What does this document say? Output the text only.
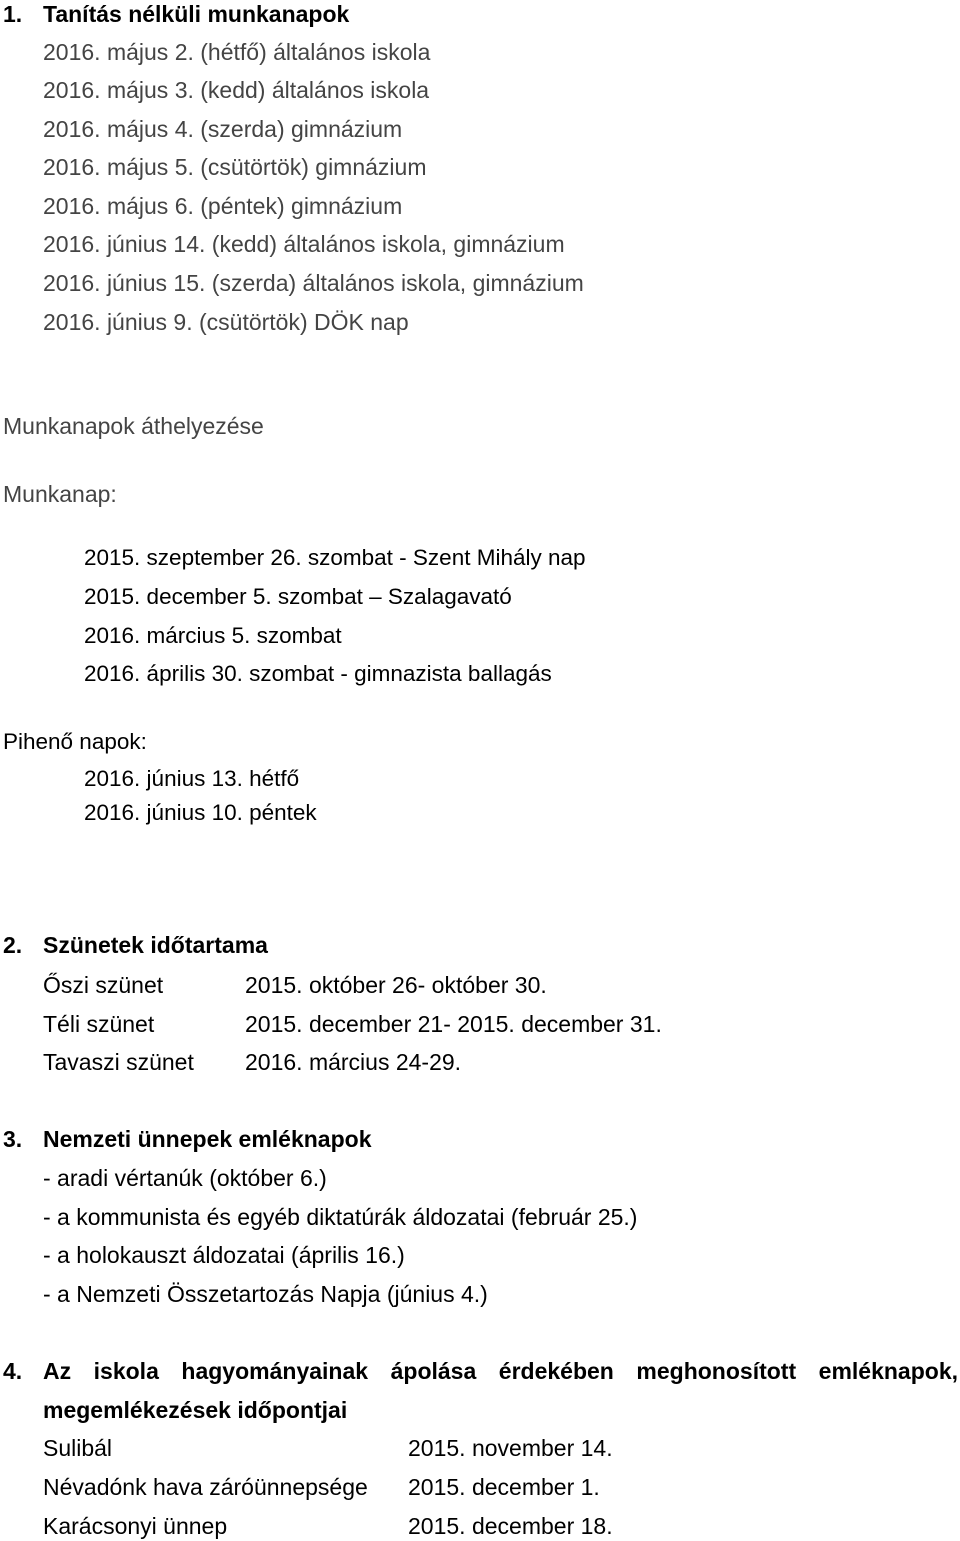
1. Tanítás nélküli munkanapok
2016. május 2. (hétfő) általános iskola
2016. május 3. (kedd) általános iskola
2016. május 4. (szerda) gimnázium
2016. május 5. (csütörtök) gimnázium
2016. május 6. (péntek) gimnázium
2016. június 14. (kedd) általános iskola, gimnázium
2016. június 15. (szerda) általános iskola, gimnázium
2016. június 9. (csütörtök) DÖK nap
Munkanapok áthelyezése
Munkanap:
2015. szeptember 26. szombat - Szent Mihály nap
2015. december 5. szombat – Szalagavató
2016. március 5. szombat
2016. április 30. szombat - gimnazista ballagás
Pihenő napok:
2016. június 13. hétfő
2016. június 10. péntek
2. Szünetek időtartama
Őszi szünet	2015. október 26- október 30.
Téli szünet	2015. december 21- 2015. december 31.
Tavaszi szünet 2016. március 24-29.
3. Nemzeti ünnepek emléknapok
- aradi vértanúk (október 6.)
- a kommunista és egyéb diktatúrák áldozatai (február 25.)
- a holokauszt áldozatai (április 16.)
- a Nemzeti Összetartozás Napja (június 4.)
4. Az iskola hagyományainak ápolása érdekében meghonosított emléknapok,
megemlékezések időpontjai
Sulibál	2015. november 14.
Névadónk hava záróünnepsége 2015. december 1.
Karácsonyi ünnep	2015. december 18.
